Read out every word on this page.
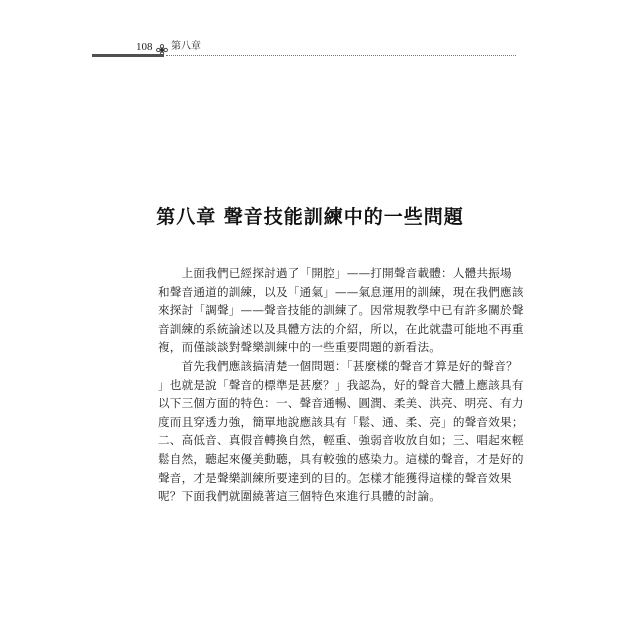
108 第八章
第八章 聲音技能訓練中的一些問題
　　上面我們已經探討過了「開腔」——打開聲音載體：人體共振場
和聲音通道的訓練，以及「通氣」——氣息運用的訓練，現在我們應該
來探討「調聲」——聲音技能的訓練了。因常規教學中已有許多關於聲
音訓練的系統論述以及具體方法的介紹，所以，在此就盡可能地不再重
複，而僅談談對聲樂訓練中的一些重要問題的新看法。
　　首先我們應該搞清楚一個問題：「甚麼樣的聲音才算是好的聲音？
」也就是說「聲音的標準是甚麼？」我認為，好的聲音大體上應該具有
以下三個方面的特色：一、聲音通暢、圓潤、柔美、洪亮、明亮、有力
度而且穿透力強，簡單地說應該具有「鬆、通、柔、亮」的聲音效果；
二、高低音、真假音轉換自然，輕重、強弱音收放自如；三、唱起來輕
鬆自然，聽起來優美動聽，具有較強的感染力。這樣的聲音，才是好的
聲音，才是聲樂訓練所要達到的目的。怎樣才能獲得這樣的聲音效果
呢？下面我們就圍繞著這三個特色來進行具體的討論。
